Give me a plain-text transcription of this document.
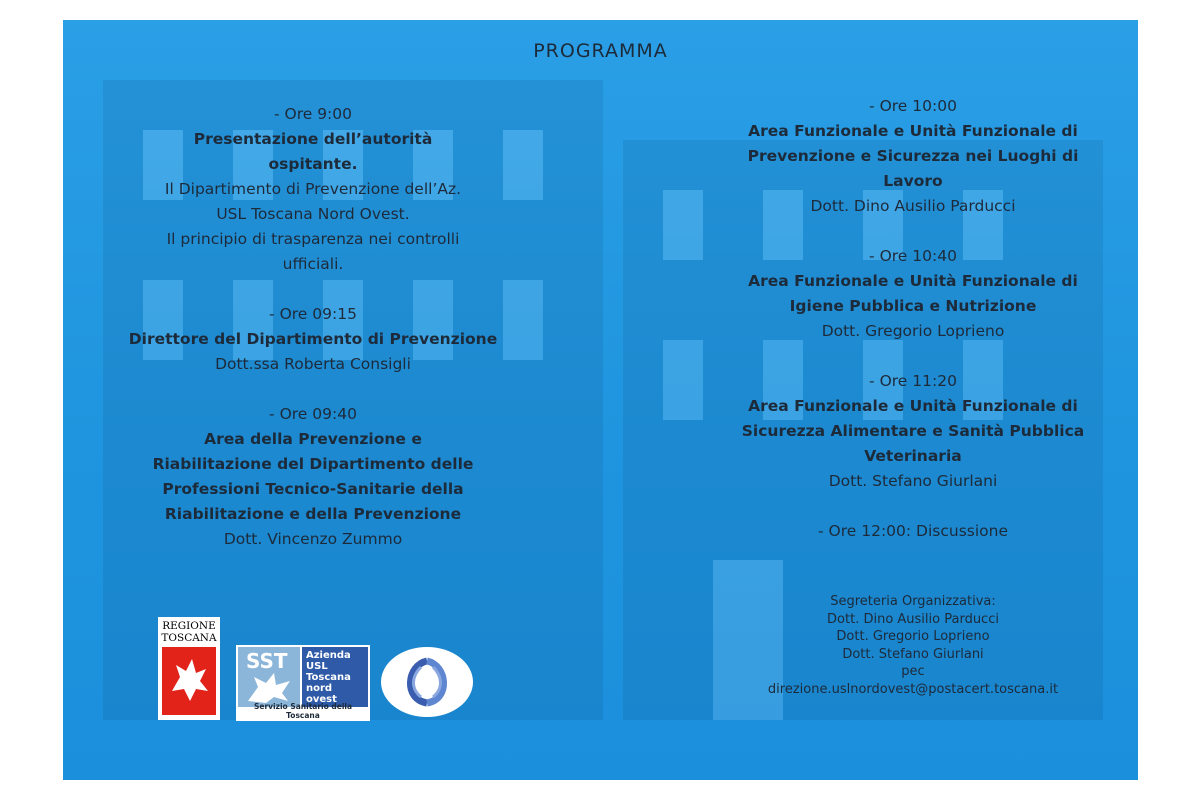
PROGRAMMA
- Ore 9:00
Presentazione dell’autorità
ospitante.
Il Dipartimento di Prevenzione dell’Az.
USL Toscana Nord Ovest.
Il principio di trasparenza nei controlli
ufficiali.
- Ore 09:15
Direttore del Dipartimento di Prevenzione
Dott.ssa Roberta Consigli
- Ore 09:40
Area della Prevenzione e
Riabilitazione del Dipartimento delle
Professioni Tecnico-Sanitarie della
Riabilitazione e della Prevenzione
Dott. Vincenzo Zummo
- Ore 10:00
Area Funzionale e Unità Funzionale di
Prevenzione e Sicurezza nei Luoghi di
Lavoro
Dott. Dino Ausilio Parducci
- Ore 10:40
Area Funzionale e Unità Funzionale di
Igiene Pubblica e Nutrizione
Dott. Gregorio Loprieno
- Ore 11:20
Area Funzionale e Unità Funzionale di
Sicurezza Alimentare e Sanità Pubblica
Veterinaria
Dott. Stefano Giurlani
- Ore 12:00: Discussione
Segreteria Organizzativa:
Dott. Dino Ausilio Parducci
Dott. Gregorio Loprieno
Dott. Stefano Giurlani
pec
direzione.uslnordovest@postacert.toscana.it
REGIONE
TOSCANA
SST Azienda
USL
Toscana
nord ovest
Servizio Sanitario della Toscana
